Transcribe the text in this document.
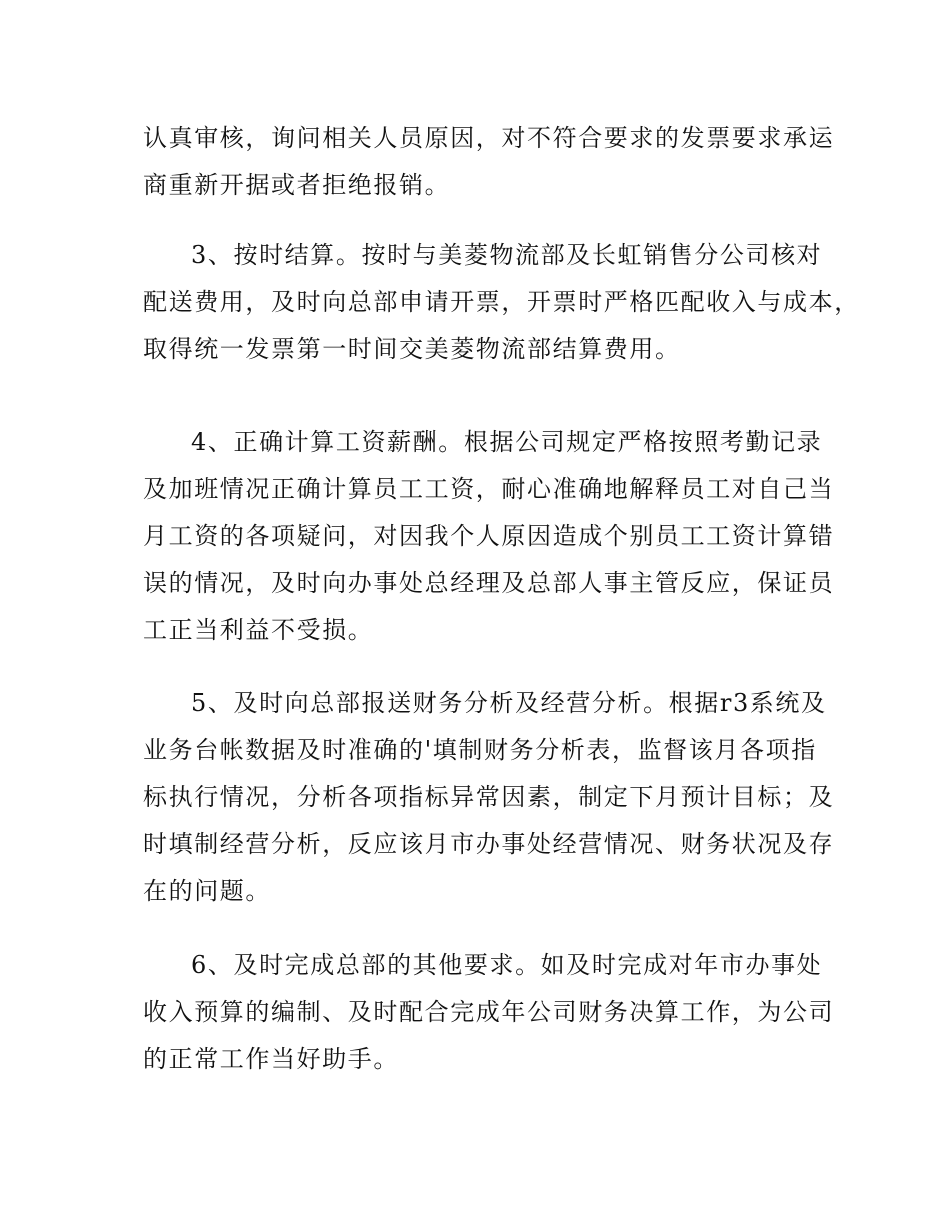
认真审核，询问相关人员原因，对不符合要求的发票要求承运
商重新开据或者拒绝报销。
3、按时结算。按时与美菱物流部及长虹销售分公司核对
配送费用，及时向总部申请开票，开票时严格匹配收入与成本，
取得统一发票第一时间交美菱物流部结算费用。
4、正确计算工资薪酬。根据公司规定严格按照考勤记录
及加班情况正确计算员工工资，耐心准确地解释员工对自己当
月工资的各项疑问，对因我个人原因造成个别员工工资计算错
误的情况，及时向办事处总经理及总部人事主管反应，保证员
工正当利益不受损。
5、及时向总部报送财务分析及经营分析。根据r3系统及
业务台帐数据及时准确的'填制财务分析表，监督该月各项指
标执行情况，分析各项指标异常因素，制定下月预计目标；及
时填制经营分析，反应该月市办事处经营情况、财务状况及存
在的问题。
6、及时完成总部的其他要求。如及时完成对年市办事处
收入预算的编制、及时配合完成年公司财务决算工作，为公司
的正常工作当好助手。
